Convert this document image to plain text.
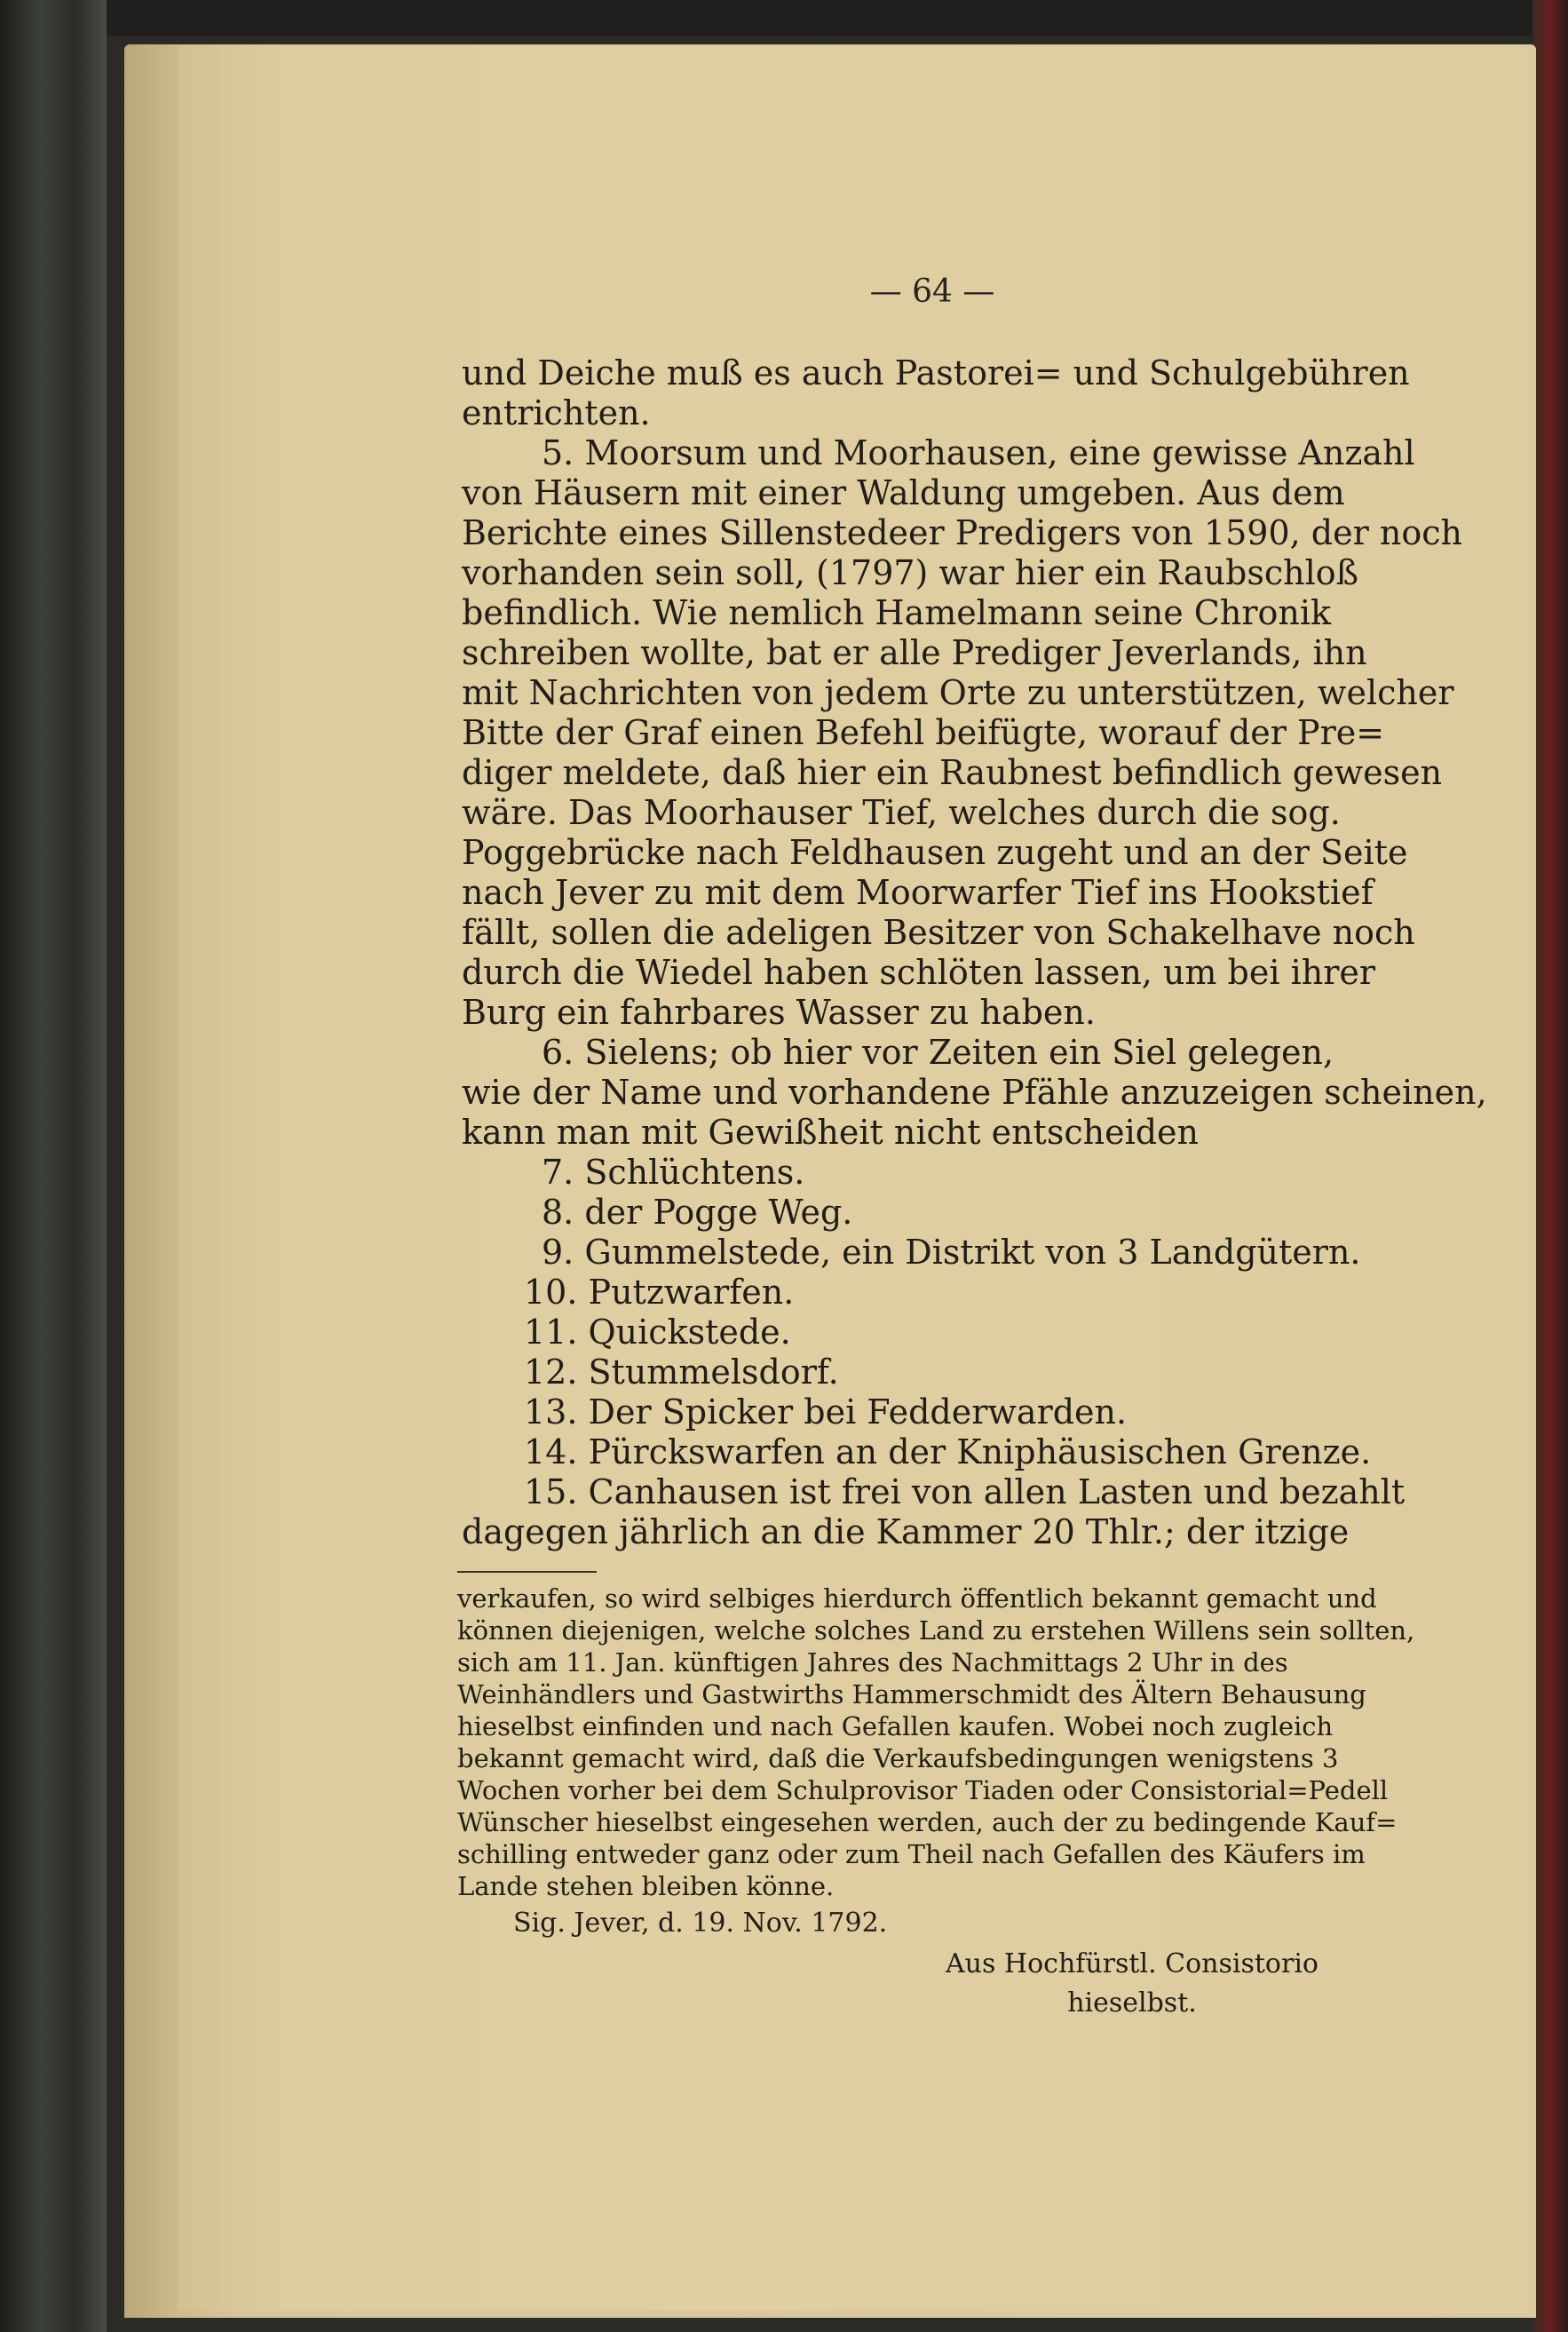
— 64 —
und Deiche muß es auch Pastorei= und Schulgebühren
entrichten.
5. Moorsum und Moorhausen, eine gewisse Anzahl
von Häusern mit einer Waldung umgeben. Aus dem
Berichte eines Sillenstedeer Predigers von 1590, der noch
vorhanden sein soll, (1797) war hier ein Raubschloß
befindlich. Wie nemlich Hamelmann seine Chronik
schreiben wollte, bat er alle Prediger Jeverlands, ihn
mit Nachrichten von jedem Orte zu unterstützen, welcher
Bitte der Graf einen Befehl beifügte, worauf der Pre=
diger meldete, daß hier ein Raubnest befindlich gewesen
wäre. Das Moorhauser Tief, welches durch die sog.
Poggebrücke nach Feldhausen zugeht und an der Seite
nach Jever zu mit dem Moorwarfer Tief ins Hookstief
fällt, sollen die adeligen Besitzer von Schakelhave noch
durch die Wiedel haben schlöten lassen, um bei ihrer
Burg ein fahrbares Wasser zu haben.
6. Sielens; ob hier vor Zeiten ein Siel gelegen,
wie der Name und vorhandene Pfähle anzuzeigen scheinen,
kann man mit Gewißheit nicht entscheiden
7. Schlüchtens.
8. der Pogge Weg.
9. Gummelstede, ein Distrikt von 3 Landgütern.
10. Putzwarfen.
11. Quickstede.
12. Stummelsdorf.
13. Der Spicker bei Fedderwarden.
14. Pürckswarfen an der Kniphäusischen Grenze.
15. Canhausen ist frei von allen Lasten und bezahlt
dagegen jährlich an die Kammer 20 Thlr.; der itzige
verkaufen, so wird selbiges hierdurch öffentlich bekannt gemacht und
können diejenigen, welche solches Land zu erstehen Willens sein sollten,
sich am 11. Jan. künftigen Jahres des Nachmittags 2 Uhr in des
Weinhändlers und Gastwirths Hammerschmidt des Ältern Behausung
hieselbst einfinden und nach Gefallen kaufen. Wobei noch zugleich
bekannt gemacht wird, daß die Verkaufsbedingungen wenigstens 3
Wochen vorher bei dem Schulprovisor Tiaden oder Consistorial=Pedell
Wünscher hieselbst eingesehen werden, auch der zu bedingende Kauf=
schilling entweder ganz oder zum Theil nach Gefallen des Käufers im
Lande stehen bleiben könne.
Sig. Jever, d. 19. Nov. 1792.
Aus Hochfürstl. Consistorio
hieselbst.
